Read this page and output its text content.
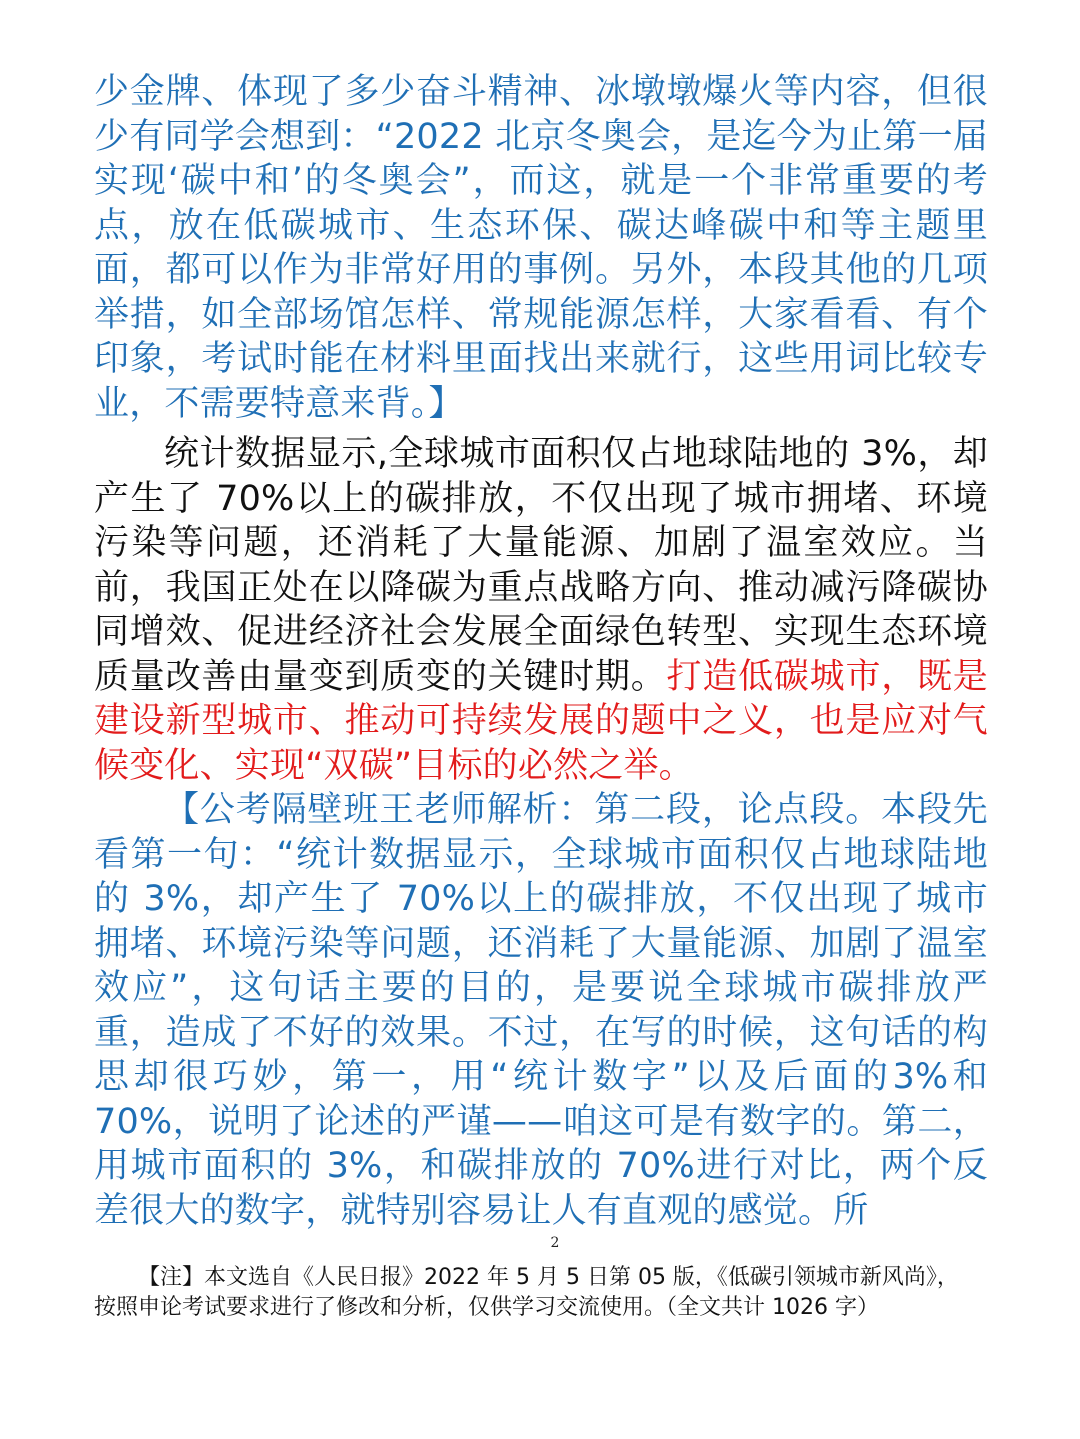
少金牌、体现了多少奋斗精神、冰墩墩爆火等内容，但很少有同学会想到：“2022 北京冬奥会，是迄今为止第一届实现‘碳中和’的冬奥会”，而这，就是一个非常重要的考点，放在低碳城市、生态环保、碳达峰碳中和等主题里面，都可以作为非常好用的事例。另外，本段其他的几项举措，如全部场馆怎样、常规能源怎样，大家看看、有个印象，考试时能在材料里面找出来就行，这些用词比较专业，不需要特意来背。】

统计数据显示,全球城市面积仅占地球陆地的 3%，却产生了 70%以上的碳排放，不仅出现了城市拥堵、环境污染等问题，还消耗了大量能源、加剧了温室效应。当前，我国正处在以降碳为重点战略方向、推动减污降碳协同增效、促进经济社会发展全面绿色转型、实现生态环境质量改善由量变到质变的关键时期。打造低碳城市，既是建设新型城市、推动可持续发展的题中之义，也是应对气候变化、实现“双碳”目标的必然之举。

【公考隔壁班王老师解析：第二段，论点段。本段先看第一句：“统计数据显示，全球城市面积仅占地球陆地的 3%，却产生了 70%以上的碳排放，不仅出现了城市拥堵、环境污染等问题，还消耗了大量能源、加剧了温室效应”，这句话主要的目的，是要说全球城市碳排放严重，造成了不好的效果。不过，在写的时候，这句话的构思却很巧妙，第一，用“统计数字”以及后面的3%和 70%，说明了论述的严谨——咱这可是有数字的。第二，用城市面积的 3%，和碳排放的 70%进行对比，两个反差很大的数字，就特别容易让人有直观的感觉。所

2

【注】本文选自《人民日报》2022 年 5 月 5 日第 05 版，《低碳引领城市新风尚》，按照申论考试要求进行了修改和分析，仅供学习交流使用。（全文共计 1026 字）
